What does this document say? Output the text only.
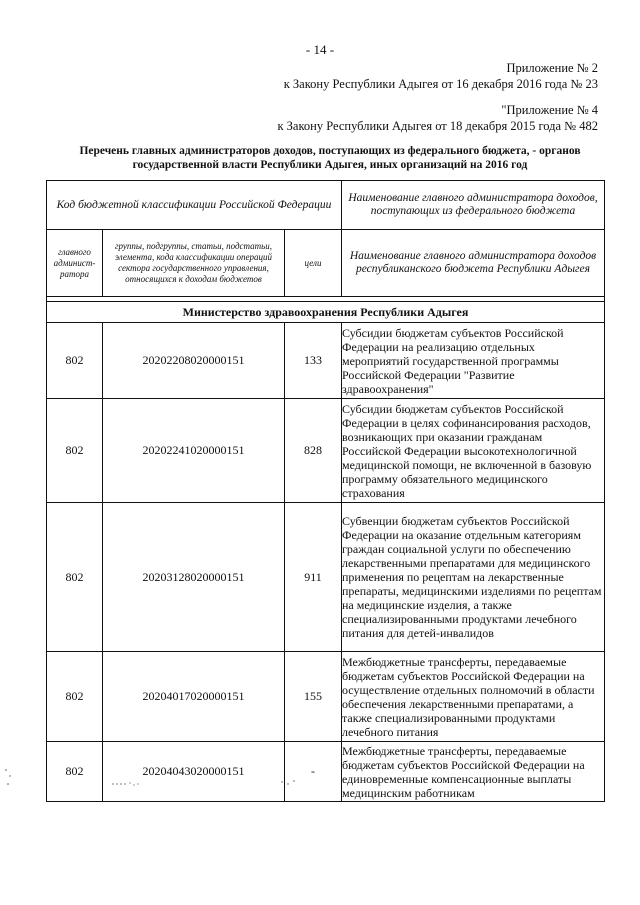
- 14 -
Приложение № 2
к Закону Республики Адыгея от 16 декабря 2016 года № 23
"Приложение № 4
к Закону Республики Адыгея от 18 декабря 2015 года № 482
Перечень главных администраторов доходов, поступающих из федерального бюджета, - органов государственной власти Республики Адыгея, иных организаций на 2016 год
Код бюджетной классификации Российской Федерации			Наименование главного администратора доходов, поступающих из федерального бюджета
главного админист-ратора	группы, подгруппы, статьи, подстатьи, элемента, кода классификации операций сектора государственного управления, относящихся к доходам бюджетов	цели	Наименование главного администратора доходов республиканского бюджета Республики Адыгея

Министерство здравоохранения Республики Адыгея			
802	20202208020000151	133	Субсидии бюджетам субъектов Российской Федерации на реализацию отдельных мероприятий государственной программы Российской Федерации "Развитие здравоохранения"
802	20202241020000151	828	Субсидии бюджетам субъектов Российской Федерации в целях софинансирования расходов, возникающих при оказании гражданам Российской Федерации высокотехнологичной медицинской помощи, не включенной в базовую программу обязательного медицинского страхования
802	20203128020000151	911	Субвенции бюджетам субъектов Российской Федерации на оказание отдельным категориям граждан социальной услуги по обеспечению лекарственными препаратами для медицинского применения по рецептам на лекарственные препараты, медицинскими изделиями по рецептам на медицинские изделия, а также специализированными продуктами лечебного питания для детей-инвалидов
802	20204017020000151	155	Межбюджетные трансферты, передаваемые бюджетам субъектов Российской Федерации на осуществление отдельных полномочий в области обеспечения лекарственными препаратами, а также специализированными продуктами лечебного питания
802	20204043020000151	-	Межбюджетные трансферты, передаваемые бюджетам субъектов Российской Федерации на единовременные компенсационные выплаты медицинским работникам
